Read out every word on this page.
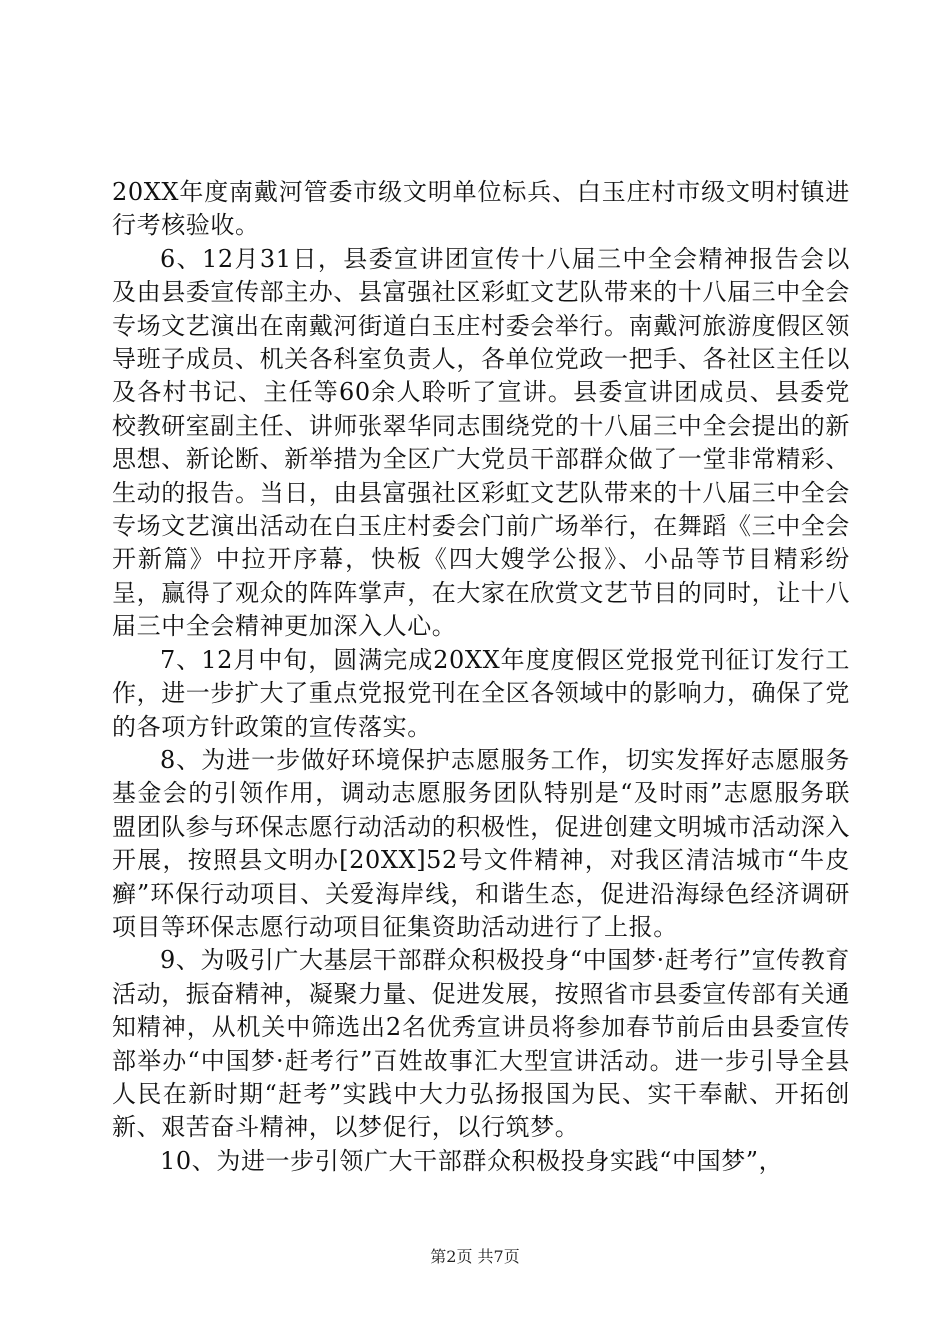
20XX年度南戴河管委市级文明单位标兵、白玉庄村市级文明村镇进行考核验收。

6、12月31日，县委宣讲团宣传十八届三中全会精神报告会以及由县委宣传部主办、县富强社区彩虹文艺队带来的十八届三中全会专场文艺演出在南戴河街道白玉庄村委会举行。南戴河旅游度假区领导班子成员、机关各科室负责人，各单位党政一把手、各社区主任以及各村书记、主任等60余人聆听了宣讲。县委宣讲团成员、县委党校教研室副主任、讲师张翠华同志围绕党的十八届三中全会提出的新思想、新论断、新举措为全区广大党员干部群众做了一堂非常精彩、生动的报告。当日，由县富强社区彩虹文艺队带来的十八届三中全会专场文艺演出活动在白玉庄村委会门前广场举行，在舞蹈《三中全会开新篇》中拉开序幕，快板《四大嫂学公报》、小品等节目精彩纷呈，赢得了观众的阵阵掌声，在大家在欣赏文艺节目的同时，让十八届三中全会精神更加深入人心。

7、12月中旬，圆满完成20XX年度度假区党报党刊征订发行工作，进一步扩大了重点党报党刊在全区各领域中的影响力，确保了党的各项方针政策的宣传落实。

8、为进一步做好环境保护志愿服务工作，切实发挥好志愿服务基金会的引领作用，调动志愿服务团队特别是“及时雨”志愿服务联盟团队参与环保志愿行动活动的积极性，促进创建文明城市活动深入开展，按照县文明办[20XX]52号文件精神，对我区清洁城市“牛皮癣”环保行动项目、关爱海岸线，和谐生态，促进沿海绿色经济调研项目等环保志愿行动项目征集资助活动进行了上报。

9、为吸引广大基层干部群众积极投身“中国梦·赶考行”宣传教育活动，振奋精神，凝聚力量、促进发展，按照省市县委宣传部有关通知精神，从机关中筛选出2名优秀宣讲员将参加春节前后由县委宣传部举办“中国梦·赶考行”百姓故事汇大型宣讲活动。进一步引导全县人民在新时期“赶考”实践中大力弘扬报国为民、实干奉献、开拓创新、艰苦奋斗精神，以梦促行，以行筑梦。

10、为进一步引领广大干部群众积极投身实践“中国梦”，

第2页 共7页
